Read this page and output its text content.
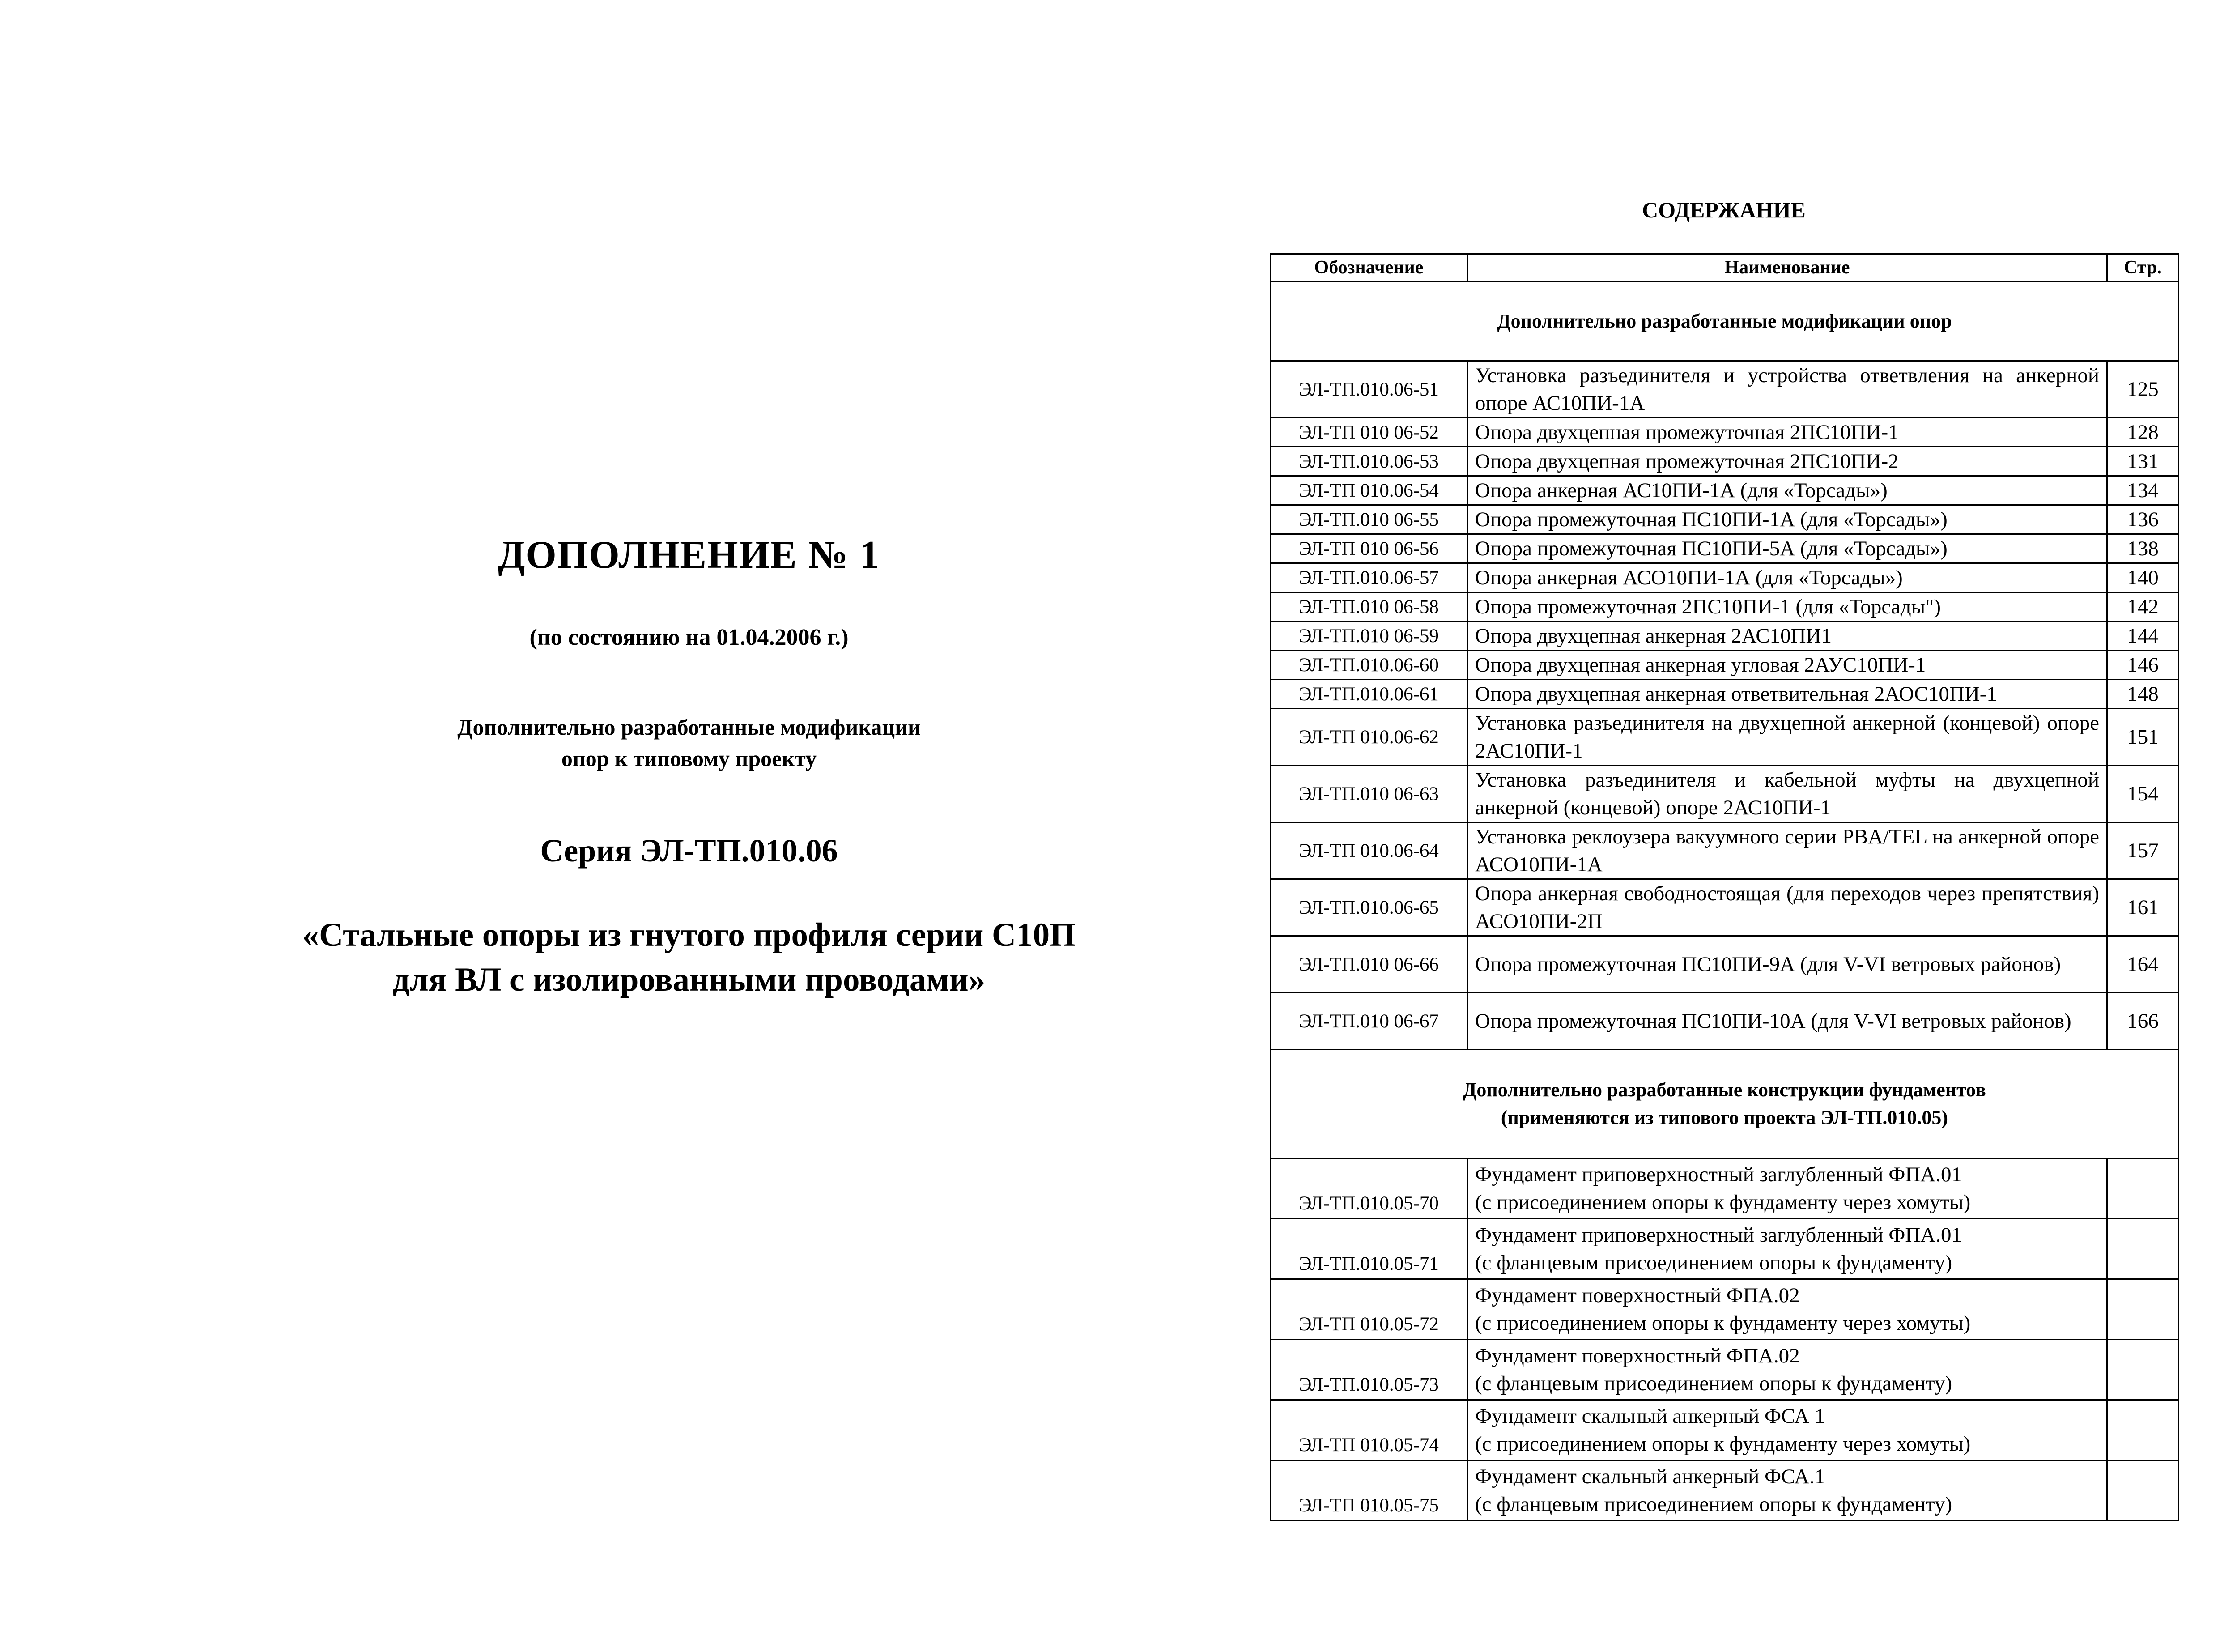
ДОПОЛНЕНИЕ № 1
(по состоянию на 01.04.2006 г.)
Дополнительно разработанные модификации
опор к типовому проекту
Серия ЭЛ-ТП.010.06
«Стальные опоры из гнутого профиля серии С10П
для ВЛ с изолированными проводами»
СОДЕРЖАНИЕ
Обозначение	Наименование	Стр.

Дополнительно разработанные модификации опор		

ЭЛ-ТП.010.06-51	Установка разъединителя и устройства ответвления на анкерной опоре АС10ПИ-1А	125
ЭЛ-ТП 010 06-52	Опора двухцепная промежуточная 2ПС10ПИ-1	128
ЭЛ-ТП.010.06-53	Опора двухцепная промежуточная 2ПС10ПИ-2	131
ЭЛ-ТП 010.06-54	Опора анкерная АС10ПИ-1А (для «Торсады»)	134
ЭЛ-ТП.010 06-55	Опора промежуточная ПС10ПИ-1А (для «Торсады»)	136
ЭЛ-ТП 010 06-56	Опора промежуточная ПС10ПИ-5А (для «Торсады»)	138
ЭЛ-ТП.010.06-57	Опора анкерная АСО10ПИ-1А (для «Торсады»)	140
ЭЛ-ТП.010 06-58	Опора промежуточная 2ПС10ПИ-1 (для «Торсады")	142
ЭЛ-ТП.010 06-59	Опора двухцепная анкерная 2АС10ПИ1	144
ЭЛ-ТП.010.06-60	Опора двухцепная анкерная угловая 2АУС10ПИ-1	146
ЭЛ-ТП.010.06-61	Опора двухцепная анкерная ответвительная 2АОС10ПИ-1	148
ЭЛ-ТП 010.06-62	Установка разъединителя на двухцепной анкерной (концевой) опоре 2АС10ПИ-1	151
ЭЛ-ТП.010 06-63	Установка разъединителя и кабельной муфты на двухцепной анкерной (концевой) опоре 2АС10ПИ-1	154
ЭЛ-ТП 010.06-64	Установка реклоузера вакуумного серии PBA/TEL на анкерной опоре АСО10ПИ-1А	157
ЭЛ-ТП.010.06-65	Опора анкерная свободностоящая (для переходов через препятствия) АСО10ПИ-2П	161
ЭЛ-ТП.010 06-66	Опора промежуточная ПС10ПИ-9А (для V-VI ветровых районов)	164
ЭЛ-ТП.010 06-67	Опора промежуточная ПС10ПИ-10А (для V-VI ветровых районов)	166

Дополнительно разработанные конструкции фундаментов
(применяются из типового проекта ЭЛ-ТП.010.05)		

ЭЛ-ТП.010.05-70	Фундамент приповерхностный заглубленный ФПА.01
(с присоединением опоры к фундаменту через хомуты)	

ЭЛ-ТП.010.05-71	Фундамент приповерхностный заглубленный ФПА.01
(с фланцевым присоединением опоры к фундаменту)	

ЭЛ-ТП 010.05-72	Фундамент поверхностный ФПА.02
(с присоединением опоры к фундаменту через хомуты)	

ЭЛ-ТП.010.05-73	Фундамент поверхностный ФПА.02
(с фланцевым присоединением опоры к фундаменту)	

ЭЛ-ТП 010.05-74	Фундамент скальный анкерный ФСА 1
(с присоединением опоры к фундаменту через хомуты)	

ЭЛ-ТП 010.05-75	Фундамент скальный анкерный ФСА.1
(с фланцевым присоединением опоры к фундаменту)	
